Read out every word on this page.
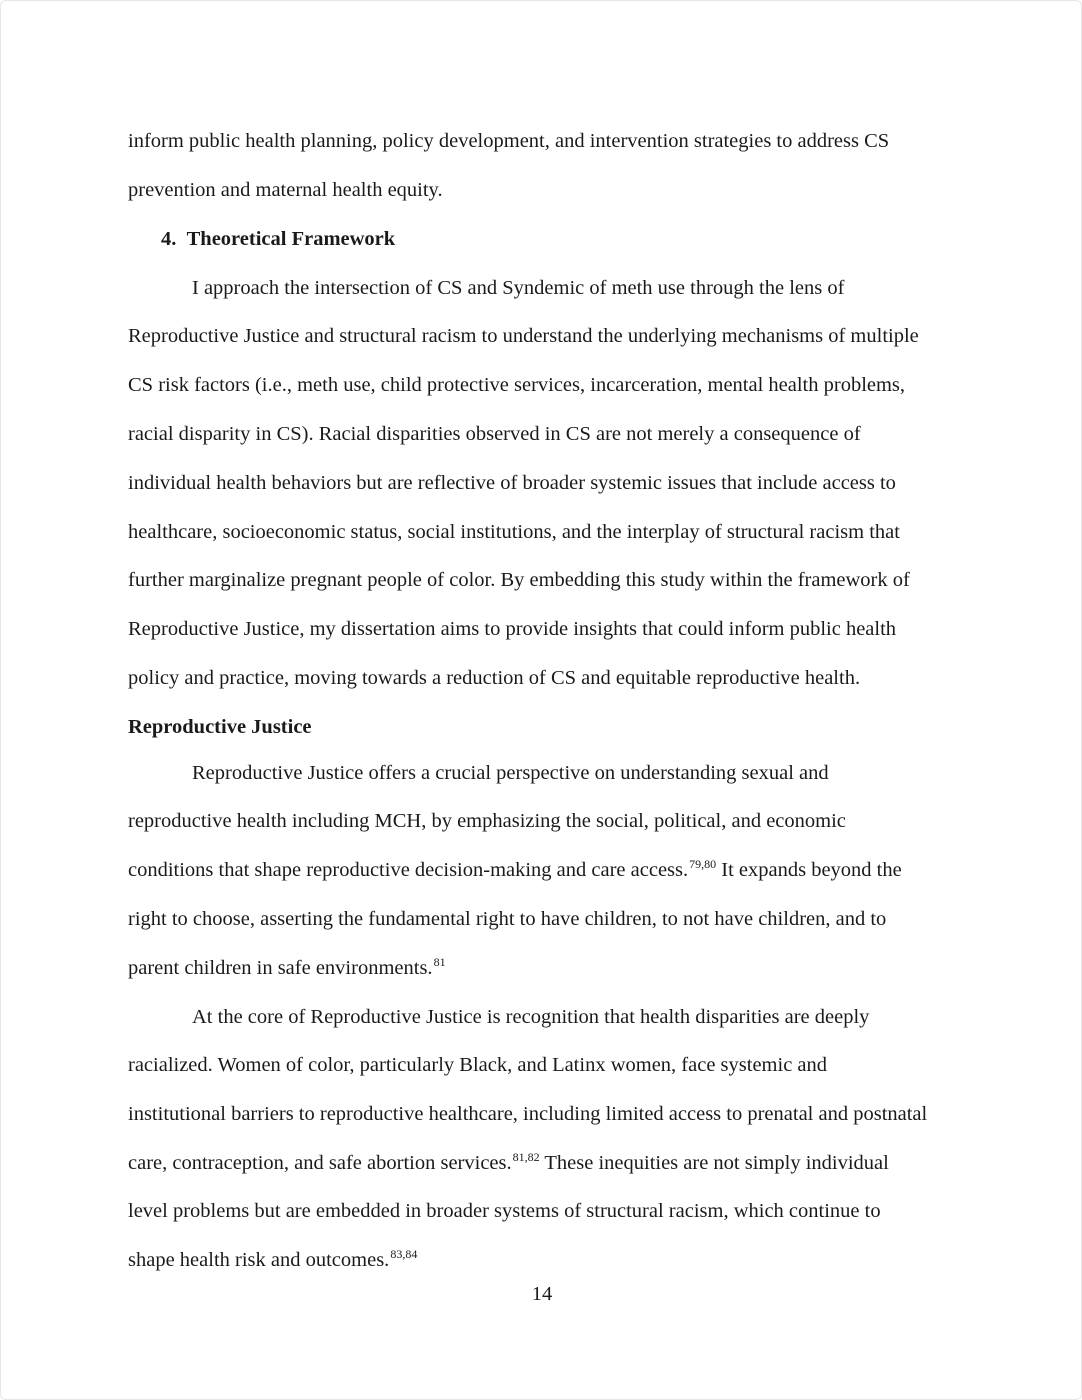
inform public health planning, policy development, and intervention strategies to address CS
prevention and maternal health equity.
4.  Theoretical Framework
I approach the intersection of CS and Syndemic of meth use through the lens of
Reproductive Justice and structural racism to understand the underlying mechanisms of multiple
CS risk factors (i.e., meth use, child protective services, incarceration, mental health problems,
racial disparity in CS). Racial disparities observed in CS are not merely a consequence of
individual health behaviors but are reflective of broader systemic issues that include access to
healthcare, socioeconomic status, social institutions, and the interplay of structural racism that
further marginalize pregnant people of color. By embedding this study within the framework of
Reproductive Justice, my dissertation aims to provide insights that could inform public health
policy and practice, moving towards a reduction of CS and equitable reproductive health.
Reproductive Justice
Reproductive Justice offers a crucial perspective on understanding sexual and
reproductive health including MCH, by emphasizing the social, political, and economic
conditions that shape reproductive decision-making and care access.$^{79,80}$ It expands beyond the
right to choose, asserting the fundamental right to have children, to not have children, and to
parent children in safe environments.$^{81}$
At the core of Reproductive Justice is recognition that health disparities are deeply
racialized. Women of color, particularly Black, and Latinx women, face systemic and
institutional barriers to reproductive healthcare, including limited access to prenatal and postnatal
care, contraception, and safe abortion services.$^{81,82}$ These inequities are not simply individual
level problems but are embedded in broader systems of structural racism, which continue to
shape health risk and outcomes.$^{83,84}$
14
